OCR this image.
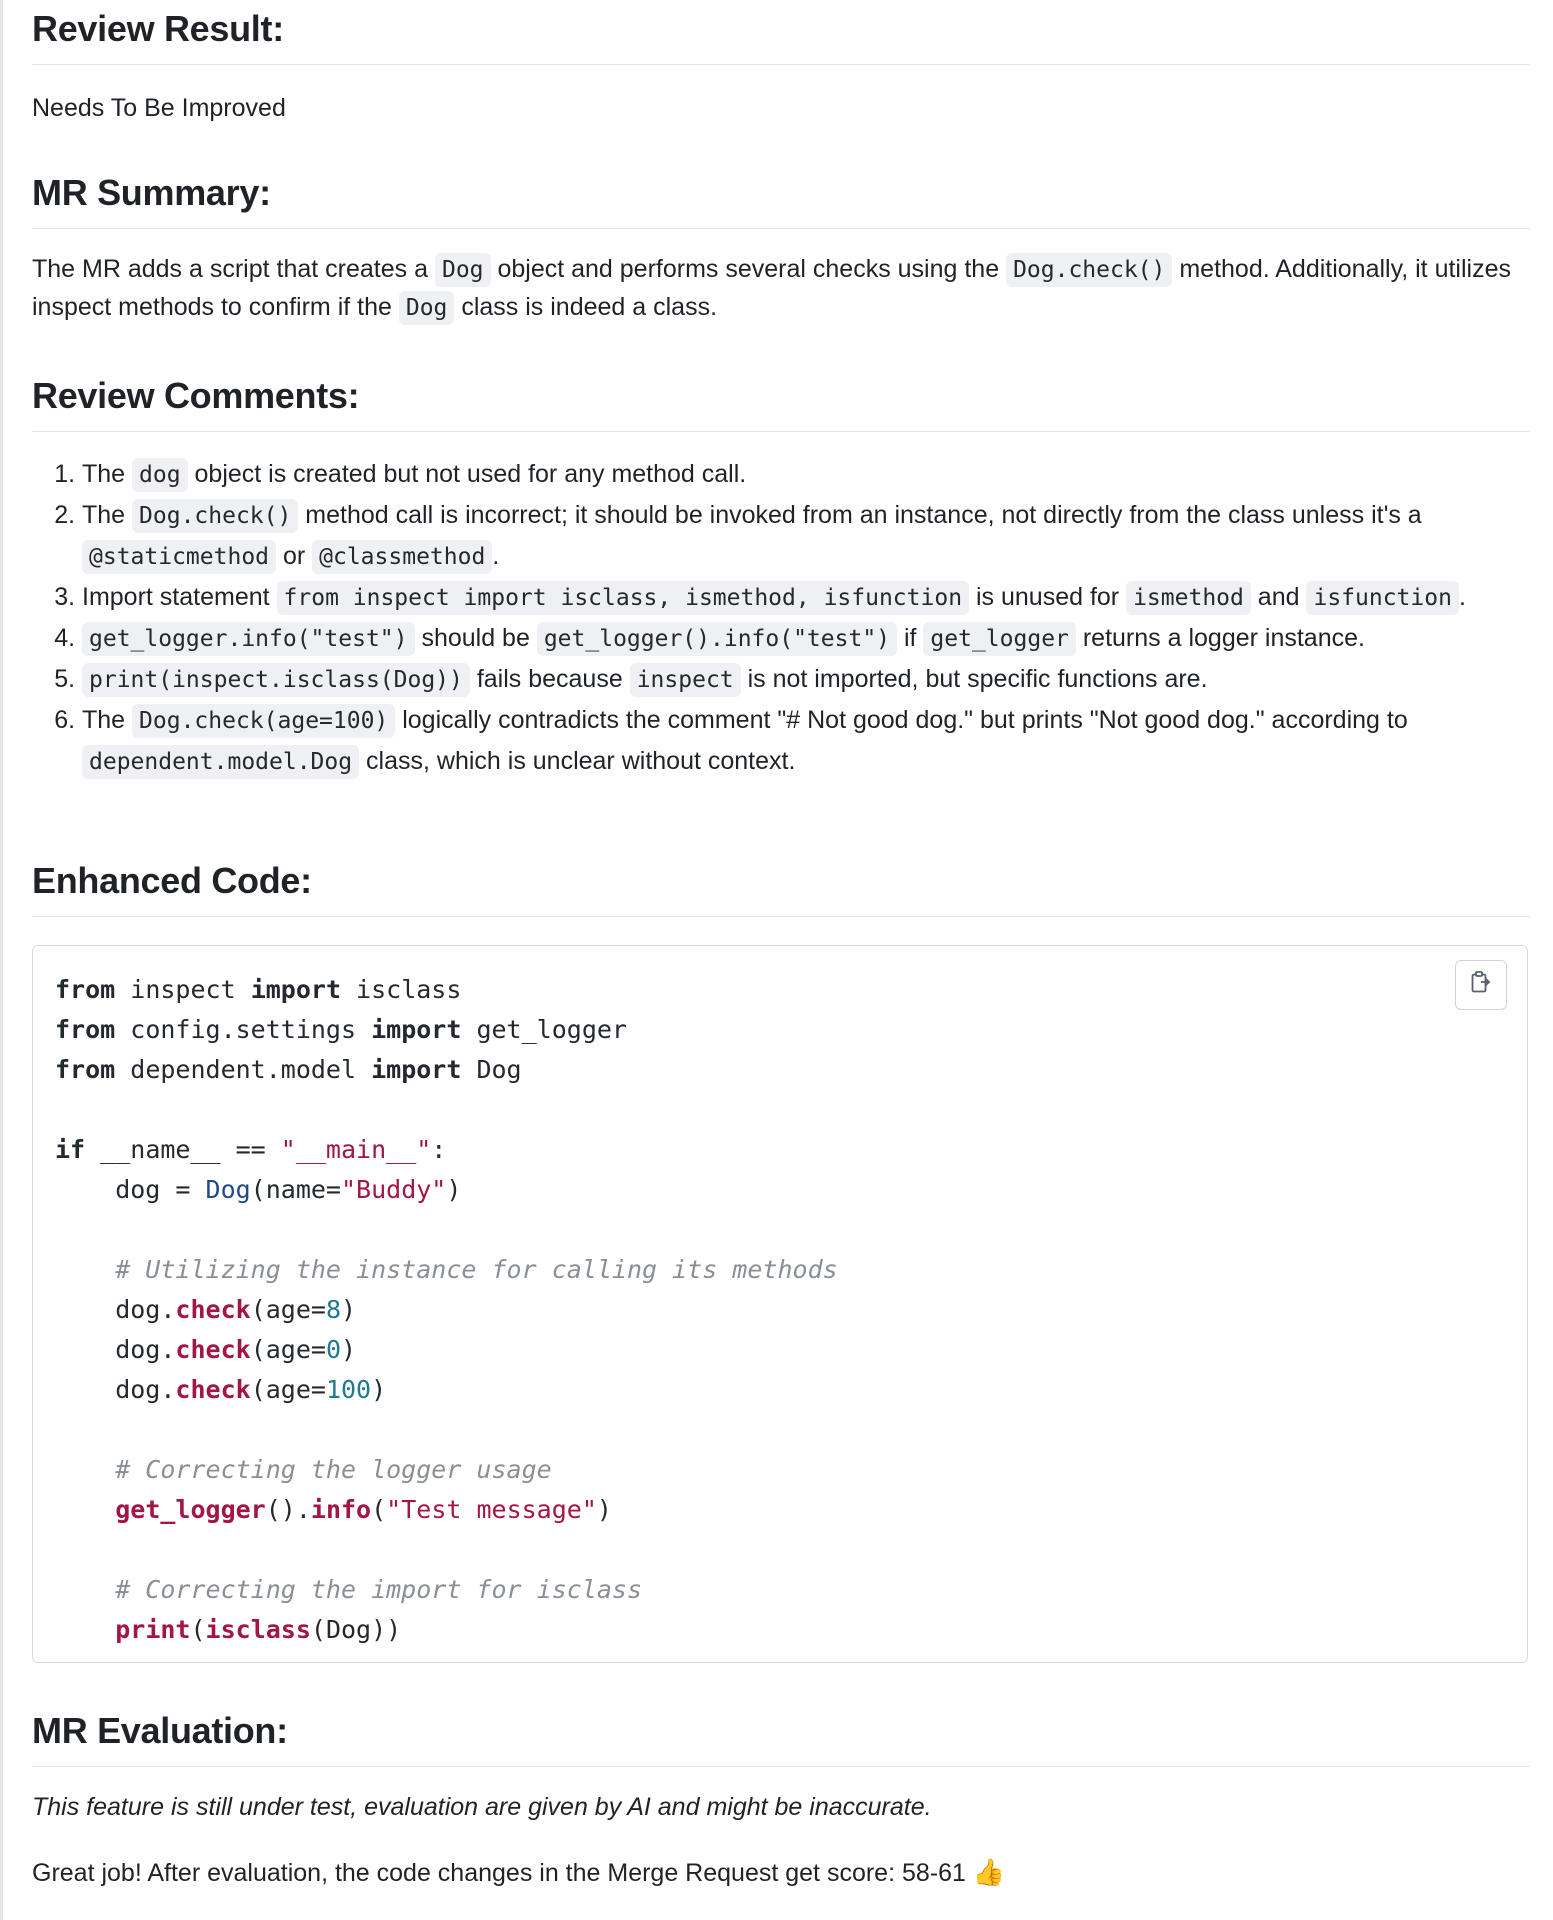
Review Result:

Needs To Be Improved

MR Summary:

The MR adds a script that creates a Dog object and performs several checks using the Dog.check() method. Additionally, it utilizes inspect methods to confirm if the Dog class is indeed a class.

Review Comments:
1. The dog object is created but not used for any method call.
2. The Dog.check() method call is incorrect; it should be invoked from an instance, not directly from the class unless it's a @staticmethod or @classmethod .
3. Import statement from inspect import isclass, ismethod, isfunction is unused for ismethod and isfunction .
4. get_logger.info("test") should be get_logger().info("test") if get_logger returns a logger instance.
5. print(inspect.isclass(Dog)) fails because inspect is not imported, but specific functions are.
6. The Dog.check(age=100) logically contradicts the comment "# Not good dog." but prints "Not good dog." according to dependent.model.Dog class, which is unclear without context.
Enhanced Code:
from inspect import isclass
from config.settings import get_logger
from dependent.model import Dog

if __name__ == "__main__":
dog = Dog(name="Buddy")

# Utilizing the instance for calling its methods
dog.check(age=8)
dog.check(age=0)
dog.check(age=100)

# Correcting the logger usage
get_logger().info("Test message")

# Correcting the import for isclass
print(isclass(Dog))
MR Evaluation:

This feature is still under test, evaluation are given by AI and might be inaccurate.

Great job! After evaluation, the code changes in the Merge Request get score: 58-61 👍
